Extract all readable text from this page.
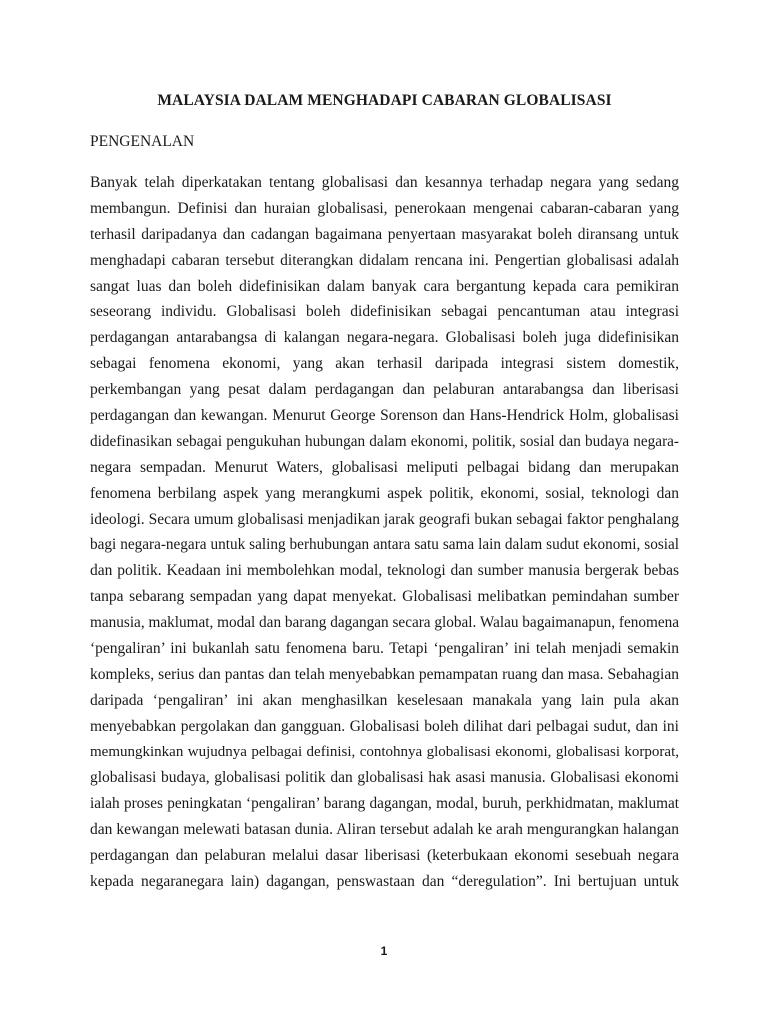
MALAYSIA DALAM MENGHADAPI CABARAN GLOBALISASI
PENGENALAN
Banyak telah diperkatakan tentang globalisasi dan kesannya terhadap negara yang sedang
membangun. Definisi dan huraian globalisasi, penerokaan mengenai cabaran-cabaran yang
terhasil daripadanya dan cadangan bagaimana penyertaan masyarakat boleh diransang untuk
menghadapi cabaran tersebut diterangkan didalam rencana ini. Pengertian globalisasi adalah
sangat luas dan boleh didefinisikan dalam banyak cara bergantung kepada cara pemikiran
seseorang individu. Globalisasi boleh didefinisikan sebagai pencantuman atau integrasi
perdagangan antarabangsa di kalangan negara-negara. Globalisasi boleh juga didefinisikan
sebagai fenomena ekonomi, yang akan terhasil daripada integrasi sistem domestik,
perkembangan yang pesat dalam perdagangan dan pelaburan antarabangsa dan liberisasi
perdagangan dan kewangan. Menurut George Sorenson dan Hans-Hendrick Holm, globalisasi
didefinasikan sebagai pengukuhan hubungan dalam ekonomi, politik, sosial dan budaya negara-
negara sempadan. Menurut Waters, globalisasi meliputi pelbagai bidang dan merupakan
fenomena berbilang aspek yang merangkumi aspek politik, ekonomi, sosial, teknologi dan
ideologi. Secara umum globalisasi menjadikan jarak geografi bukan sebagai faktor penghalang
bagi negara-negara untuk saling berhubungan antara satu sama lain dalam sudut ekonomi, sosial
dan politik. Keadaan ini membolehkan modal, teknologi dan sumber manusia bergerak bebas
tanpa sebarang sempadan yang dapat menyekat. Globalisasi melibatkan pemindahan sumber
manusia, maklumat, modal dan barang dagangan secara global. Walau bagaimanapun, fenomena
‘pengaliran’ ini bukanlah satu fenomena baru. Tetapi ‘pengaliran’ ini telah menjadi semakin
kompleks, serius dan pantas dan telah menyebabkan pemampatan ruang dan masa. Sebahagian
daripada ‘pengaliran’ ini akan menghasilkan keselesaan manakala yang lain pula akan
menyebabkan pergolakan dan gangguan. Globalisasi boleh dilihat dari pelbagai sudut, dan ini
memungkinkan wujudnya pelbagai definisi, contohnya globalisasi ekonomi, globalisasi korporat,
globalisasi budaya, globalisasi politik dan globalisasi hak asasi manusia. Globalisasi ekonomi
ialah proses peningkatan ‘pengaliran’ barang dagangan, modal, buruh, perkhidmatan, maklumat
dan kewangan melewati batasan dunia. Aliran tersebut adalah ke arah mengurangkan halangan
perdagangan dan pelaburan melalui dasar liberisasi (keterbukaan ekonomi sesebuah negara
kepada negaranegara lain) dagangan, penswastaan dan “deregulation”. Ini bertujuan untuk
1
